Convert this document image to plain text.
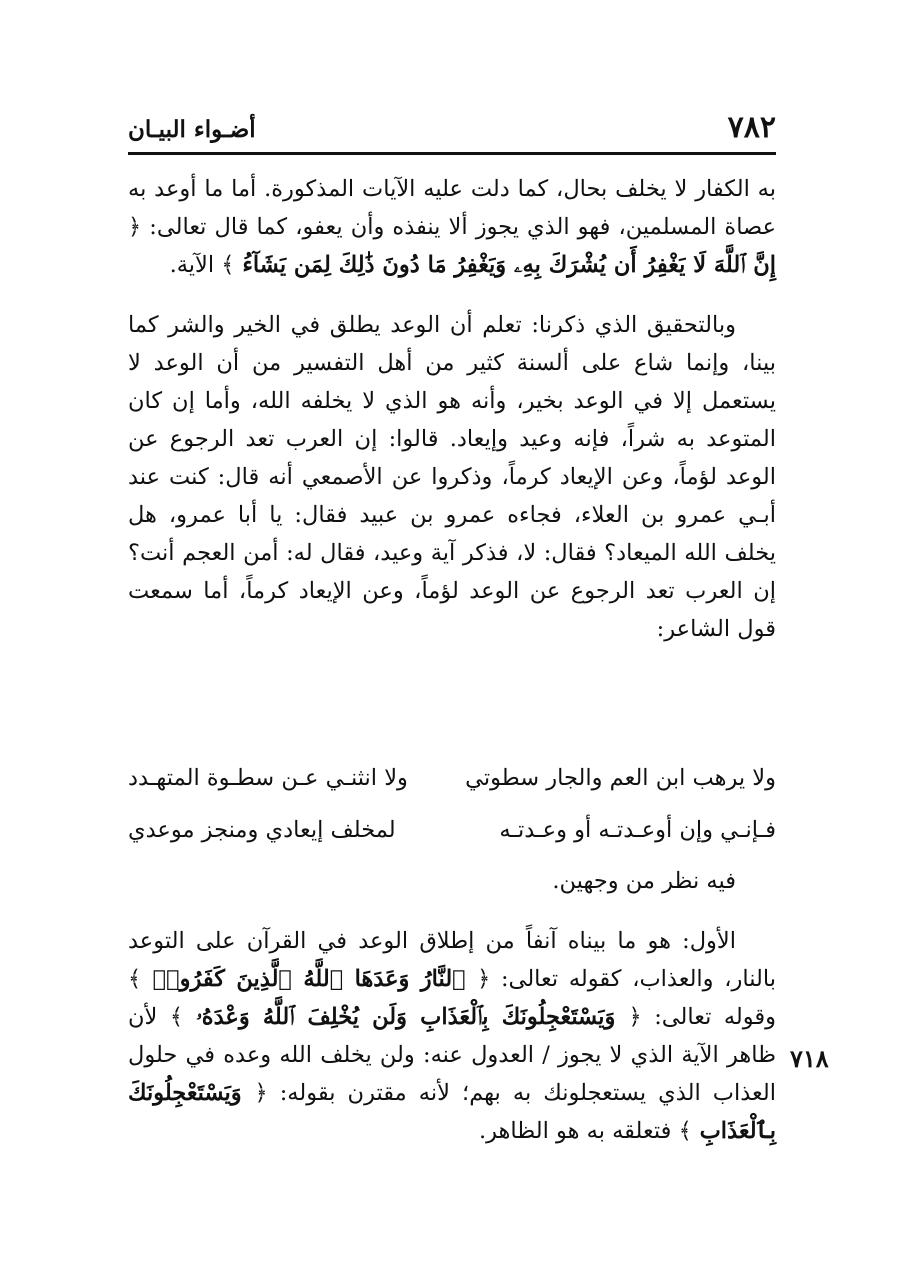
٧٨٢
أضـواء البيـان

به الكفار لا يخلف بحال، كما دلت عليه الآيات المذكورة. أما ما أوعد به عصاة المسلمين، فهو الذي يجوز ألا ينفذه وأن يعفو، كما قال تعالى: ﴿ إِنَّ ٱللَّهَ لَا يَغْفِرُ أَن يُشْرَكَ بِهِۦ وَيَغْفِرُ مَا دُونَ ذَٰلِكَ لِمَن يَشَآءُ ﴾ الآية.

وبالتحقيق الذي ذكرنا: تعلم أن الوعد يطلق في الخير والشر كما بينا، وإنما شاع على ألسنة كثير من أهل التفسير من أن الوعد لا يستعمل إلا في الوعد بخير، وأنه هو الذي لا يخلفه الله، وأما إن كان المتوعد به شراً، فإنه وعيد وإيعاد. قالوا: إن العرب تعد الرجوع عن الوعد لؤماً، وعن الإيعاد كرماً، وذكروا عن الأصمعي أنه قال: كنت عند أبـي عمرو بن العلاء، فجاءه عمرو بن عبيد فقال: يا أبا عمرو، هل يخلف الله الميعاد؟ فقال: لا، فذكر آية وعيد، فقال له: أمن العجم أنت؟ إن العرب تعد الرجوع عن الوعد لؤماً، وعن الإيعاد كرماً، أما سمعت قول الشاعر:

ولا يرهب ابن العم والجار سطوتي
ولا انثنـي عـن سطـوة المتهـدد
فـإنـي وإن أوعـدتـه أو وعـدتـه
لمخلف إيعادي ومنجز موعدي

فيه نظر من وجهين.

الأول: هو ما بيناه آنفاً من إطلاق الوعد في القرآن على التوعد بالنار، والعذاب، كقوله تعالى: ﴿ ٱلنَّارُ وَعَدَهَا ٱللَّهُ ٱلَّذِينَ كَفَرُوا۟ ﴾ وقوله تعالى: ﴿ وَيَسْتَعْجِلُونَكَ بِٱلْعَذَابِ وَلَن يُخْلِفَ ٱللَّهُ وَعْدَهُۥ ﴾ لأن ظاهر الآية الذي لا يجوز / العدول عنه: ولن يخلف الله وعده في حلول العذاب الذي يستعجلونك به بهم؛ لأنه مقترن بقوله: ﴿ وَيَسْتَعْجِلُونَكَ بِٱلْعَذَابِ ﴾ فتعلقه به هو الظاهر.

٧١٨
